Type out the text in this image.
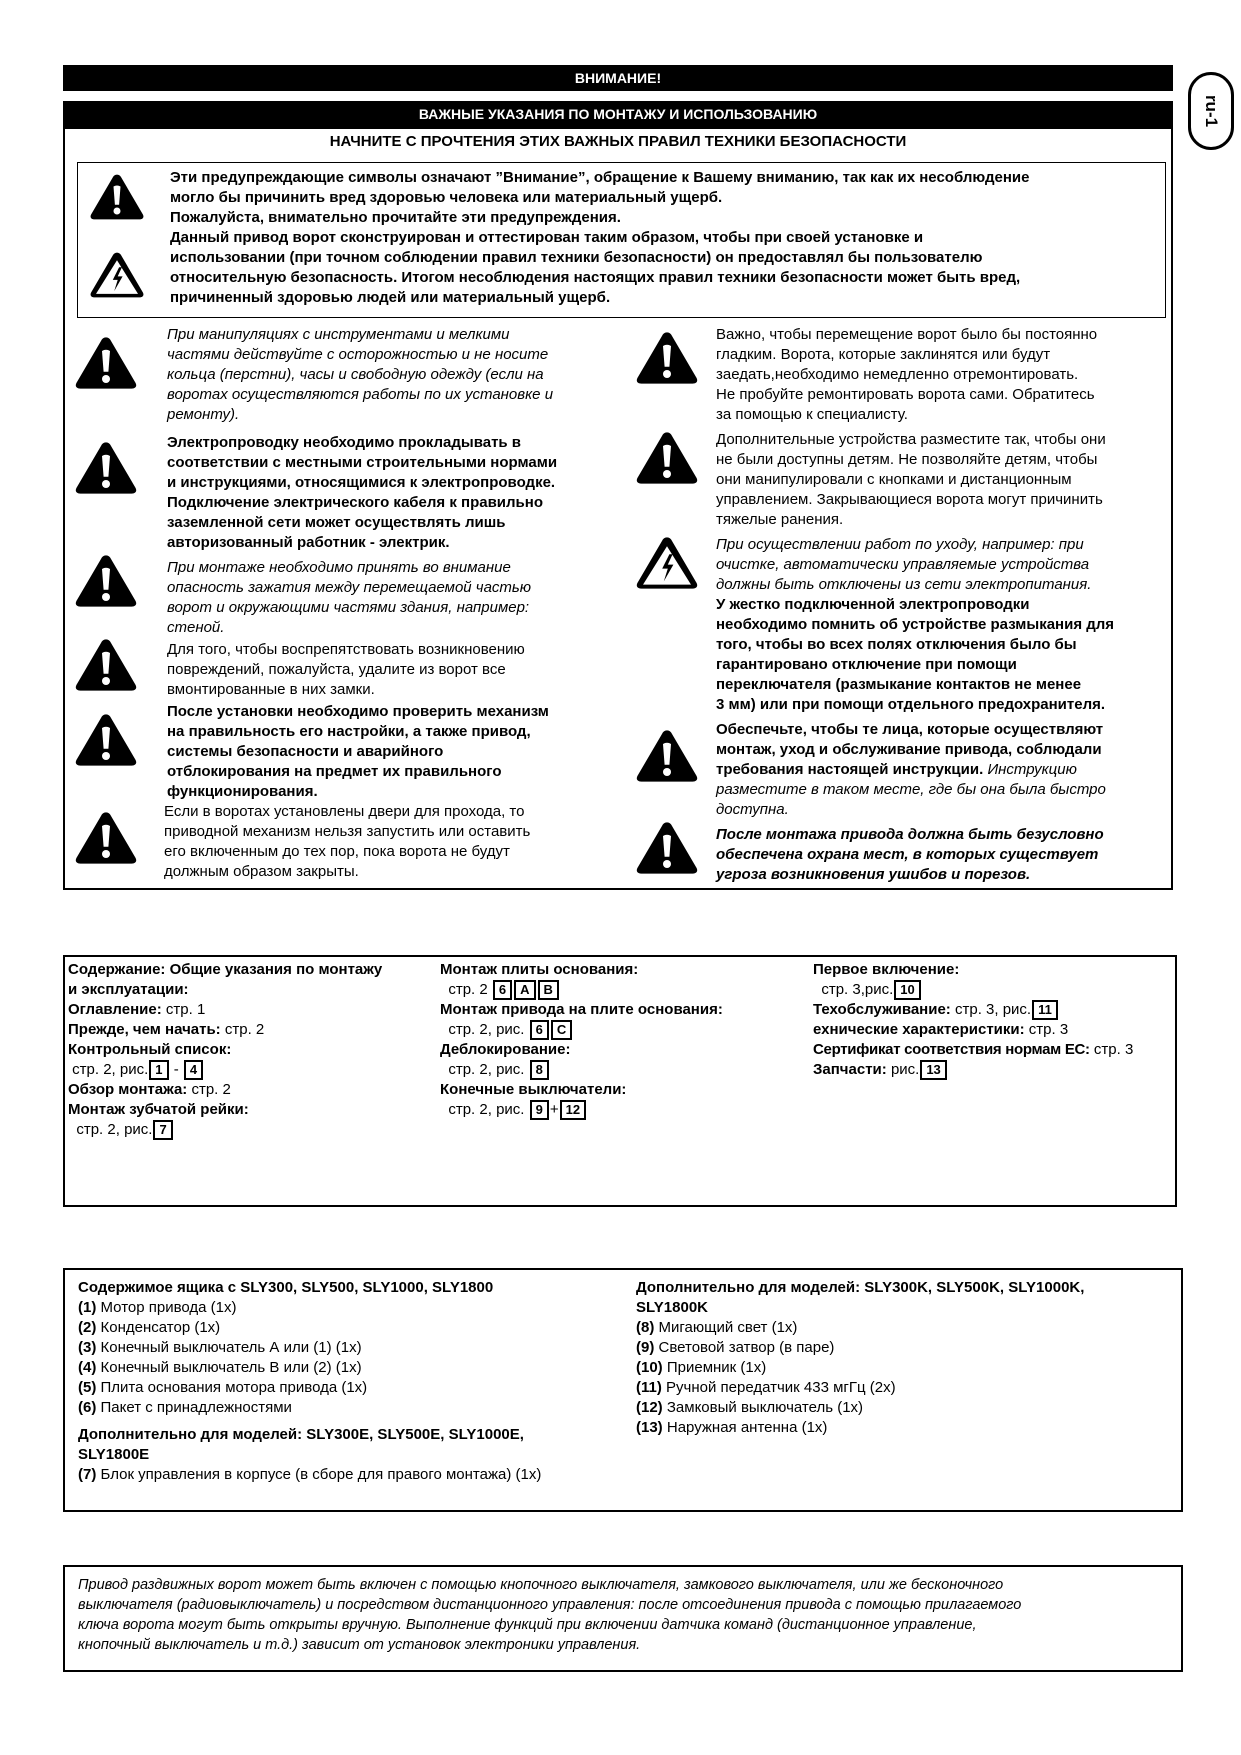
ru-1
ВНИМАНИЕ!
ВАЖНЫЕ УКАЗАНИЯ ПО МОНТАЖУ И ИСПОЛЬЗОВАНИЮ
НАЧНИТЕ С ПРОЧТЕНИЯ ЭТИХ ВАЖНЫХ ПРАВИЛ ТЕХНИКИ БЕЗОПАСНОСТИ

Эти предупреждающие символы означают ”Внимание”, обращение к Вашему вниманию, так как их несоблюдение

могло бы причинить вред здоровью человека или материальный ущерб.

Пожалуйста, внимательно прочитайте эти предупреждения.

Данный привод ворот сконструирован и оттестирован таким образом, чтобы при своей установке и

использовании (при точном соблюдении правил техники безопасности) он предоставлял бы пользователю

относительную безопасность. Итогом несоблюдения настоящих правил техники безопасности может быть вред,

причиненный здоровью людей или материальный ущерб.

При манипуляциях с инструментами и мелкими

частями действуйте с осторожностью и не носите

кольца (перстни), часы и свободную одежду (если на

воротах осуществляются работы по их установке и

ремонту).

Электропроводку необходимо прокладывать в

соответствии с местными строительными нормами

и инструкциями, относящимися к электропроводке.

Подключение электрического кабеля к правильно

заземленной сети может осуществлять лишь

авторизованный работник - электрик.

При монтаже необходимо принять во внимание

опасность зажатия между перемещаемой частью

ворот и окружающими частями здания, например:

стеной.

Для того, чтобы воспрепятствовать возникновению

повреждений, пожалуйста, удалите из ворот все

вмонтированные в них замки.

После установки необходимо проверить механизм

на правильность его настройки, а также привод,

системы безопасности и аварийного

отблокирования на предмет их правильного

функционирования.

Если в воротах установлены двери для прохода, то

приводной механизм нельзя запустить или оставить

его включенным до тех пор, пока ворота не будут

должным образом закрыты.

Важно, чтобы перемещение ворот было бы постоянно

гладким. Ворота, которые заклинятся или будут

заедать,необходимо немедленно отремонтировать.

Не пробуйте ремонтировать ворота сами. Обратитесь

за помощью к специалисту.

Дополнительные устройства разместите так, чтобы они

не были доступны детям. Не позволяйте детям, чтобы

они манипулировали с кнопками и дистанционным

управлением. Закрывающиеся ворота могут причинить

тяжелые ранения.

При осуществлении работ по уходу, например: при

очистке, автоматически управляемые устройства

должны быть отключены из сети электропитания.

У жестко подключенной электропроводки

необходимо помнить об устройстве размыкания для

того, чтобы во всех полях отключения было бы

гарантировано отключение при помощи

переключателя (размыкание контактов не менее

3 мм) или при помощи отдельного предохранителя.

Обеспечьте, чтобы те лица, которые осуществляют

монтаж, уход и обслуживание привода, соблюдали

требования настоящей инструкции. Инструкцию

разместите в таком месте, где бы она была быстро

доступна.

После монтажа привода должна быть безусловно

обеспечена охрана мест, в которых существует

угроза возникновения ушибов и порезов.

Содержание: Общие указания по монтажу
и эксплуатации:
Оглавление: стр. 1
Прежде, чем начать: стр. 2
Контрольный список:
стр. 2, рис. 1 - 4
Обзор монтажа: стр. 2
Монтаж зубчатой рейки:
стр. 2, рис. 7
Монтаж плиты основания:
стр. 2 6 A B
Монтаж привода на плите основания:
стр. 2, рис. 6 C
Деблокирование:
стр. 2, рис. 8
Конечные выключатели:
стр. 2, рис. 9 + 12
Первое включение:
стр. 3,рис. 10
Техобслуживание: стр. 3, рис. 11
ехнические характеристики: стр. 3
Сертификат соответствия нормам ЕС: стр. 3
Запчасти: рис. 13
Содержимое ящика с SLY300, SLY500, SLY1000, SLY1800
(1) Мотор привода (1x)
(2) Конденсатор (1x)
(3) Конечный выключатель А или (1) (1x)
(4) Конечный выключатель В или (2) (1x)
(5) Плита основания мотора привода (1x)
(6) Пакет с принадлежностями
Дополнительно для моделей: SLY300E, SLY500E, SLY1000E,
SLY1800E
(7) Блок управления в корпусе (в сборе для правого монтажа) (1x)
Дополнительно для моделей: SLY300K, SLY500K, SLY1000K,
SLY1800K
(8) Мигающий свет (1x)
(9) Световой затвор (в паре)
(10) Приемник (1x)
(11) Ручной передатчик 433 мгГц (2x)
(12) Замковый выключатель (1x)
(13) Наружная антенна (1x)
Привод раздвижных ворот может быть включен с помощью кнопочного выключателя, замкового выключателя, или же бесконочного
выключателя (радиовыключатель) и посредством дистанционного управления: после отсоединения привода с помощью прилагаемого
ключа ворота могут быть открыты вручную. Выполнение функций при включении датчика команд (дистанционное управление,
кнопочный выключатель и т.д.) зависит от установок электроники управления.
